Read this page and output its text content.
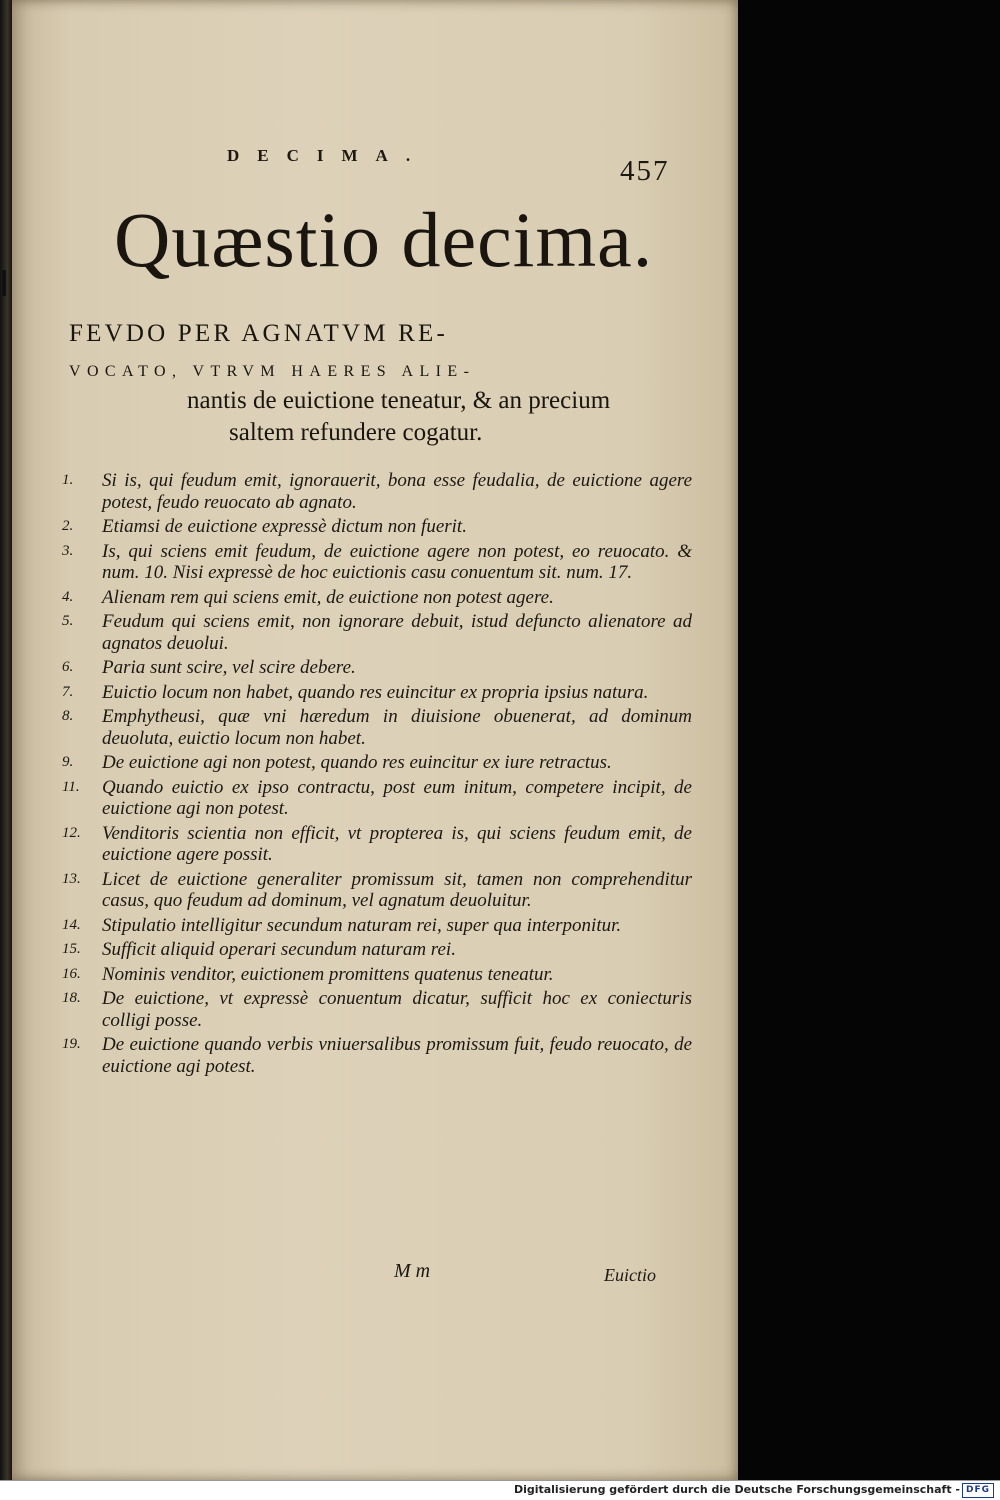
DECIMA.	457
Quæstio decima.
FEVDO PER AGNATVM RE-
VOCATO, VTRVM HAERES ALIE-
nantis de euictione teneatur, & an precium
saltem refundere cogatur.
1. Si is, qui feudum emit, ignorauerit, bona esse feudalia, de euictione agere potest, feudo reuocato ab agnato.
2. Etiamsi de euictione expressè dictum non fuerit.
3. Is, qui sciens emit feudum, de euictione agere non potest, eo reuocato. & num. 10. Nisi expressè de hoc euictionis casu conuentum sit. num. 17.
4. Alienam rem qui sciens emit, de euictione non potest agere.
5. Feudum qui sciens emit, non ignorare debuit, istud defuncto alienatore ad agnatos deuolui.
6. Paria sunt scire, vel scire debere.
7. Euictio locum non habet, quando res euincitur ex propria ipsius natura.
8. Emphytheusi, quæ vni hæredum in diuisione obuenerat, ad dominum deuoluta, euictio locum non habet.
9. De euictione agi non potest, quando res euincitur ex iure retractus.
11. Quando euictio ex ipso contractu, post eum initum, competere incipit, de euictione agi non potest.
12. Venditoris scientia non efficit, vt propterea is, qui sciens feudum emit, de euictione agere possit.
13. Licet de euictione generaliter promissum sit, tamen non comprehenditur casus, quo feudum ad dominum, vel agnatum deuoluitur.
14. Stipulatio intelligitur secundum naturam rei, super qua interponitur.
15. Sufficit aliquid operari secundum naturam rei.
16. Nominis venditor, euictionem promittens quatenus teneatur.
18. De euictione, vt expressè conuentum dicatur, sufficit hoc ex coniecturis colligi posse.
19. De euictione quando verbis vniuersalibus promissum fuit, feudo reuocato, de euictione agi potest.
M m	Euictio
Digitalisierung gefördert durch die Deutsche Forschungsgemeinschaft - DFG
